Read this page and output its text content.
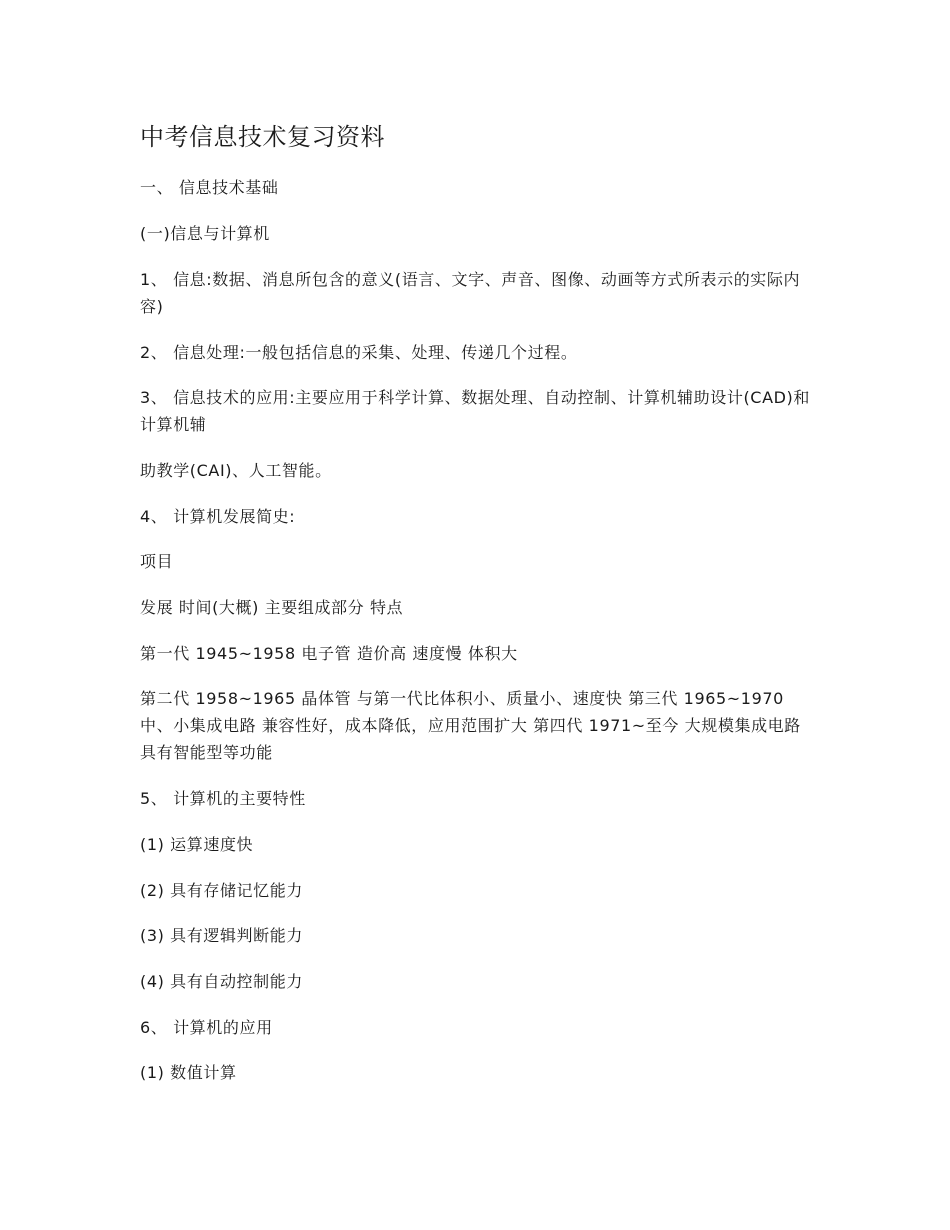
中考信息技术复习资料
一、 信息技术基础
(一)信息与计算机
1、 信息:数据、消息所包含的意义(语言、文字、声音、图像、动画等方式所表示的实际内容)
2、 信息处理:一般包括信息的采集、处理、传递几个过程。
3、 信息技术的应用:主要应用于科学计算、数据处理、自动控制、计算机辅助设计(CAD)和计算机辅
助教学(CAI)、人工智能。
4、 计算机发展简史:
项目
发展 时间(大概) 主要组成部分 特点
第一代 1945~1958 电子管 造价高 速度慢 体积大
第二代 1958~1965 晶体管 与第一代比体积小、质量小、速度快 第三代 1965~1970 中、小集成电路 兼容性好，成本降低，应用范围扩大 第四代 1971~至今 大规模集成电路 具有智能型等功能
5、 计算机的主要特性
(1) 运算速度快
(2) 具有存储记忆能力
(3) 具有逻辑判断能力
(4) 具有自动控制能力
6、 计算机的应用
(1) 数值计算
